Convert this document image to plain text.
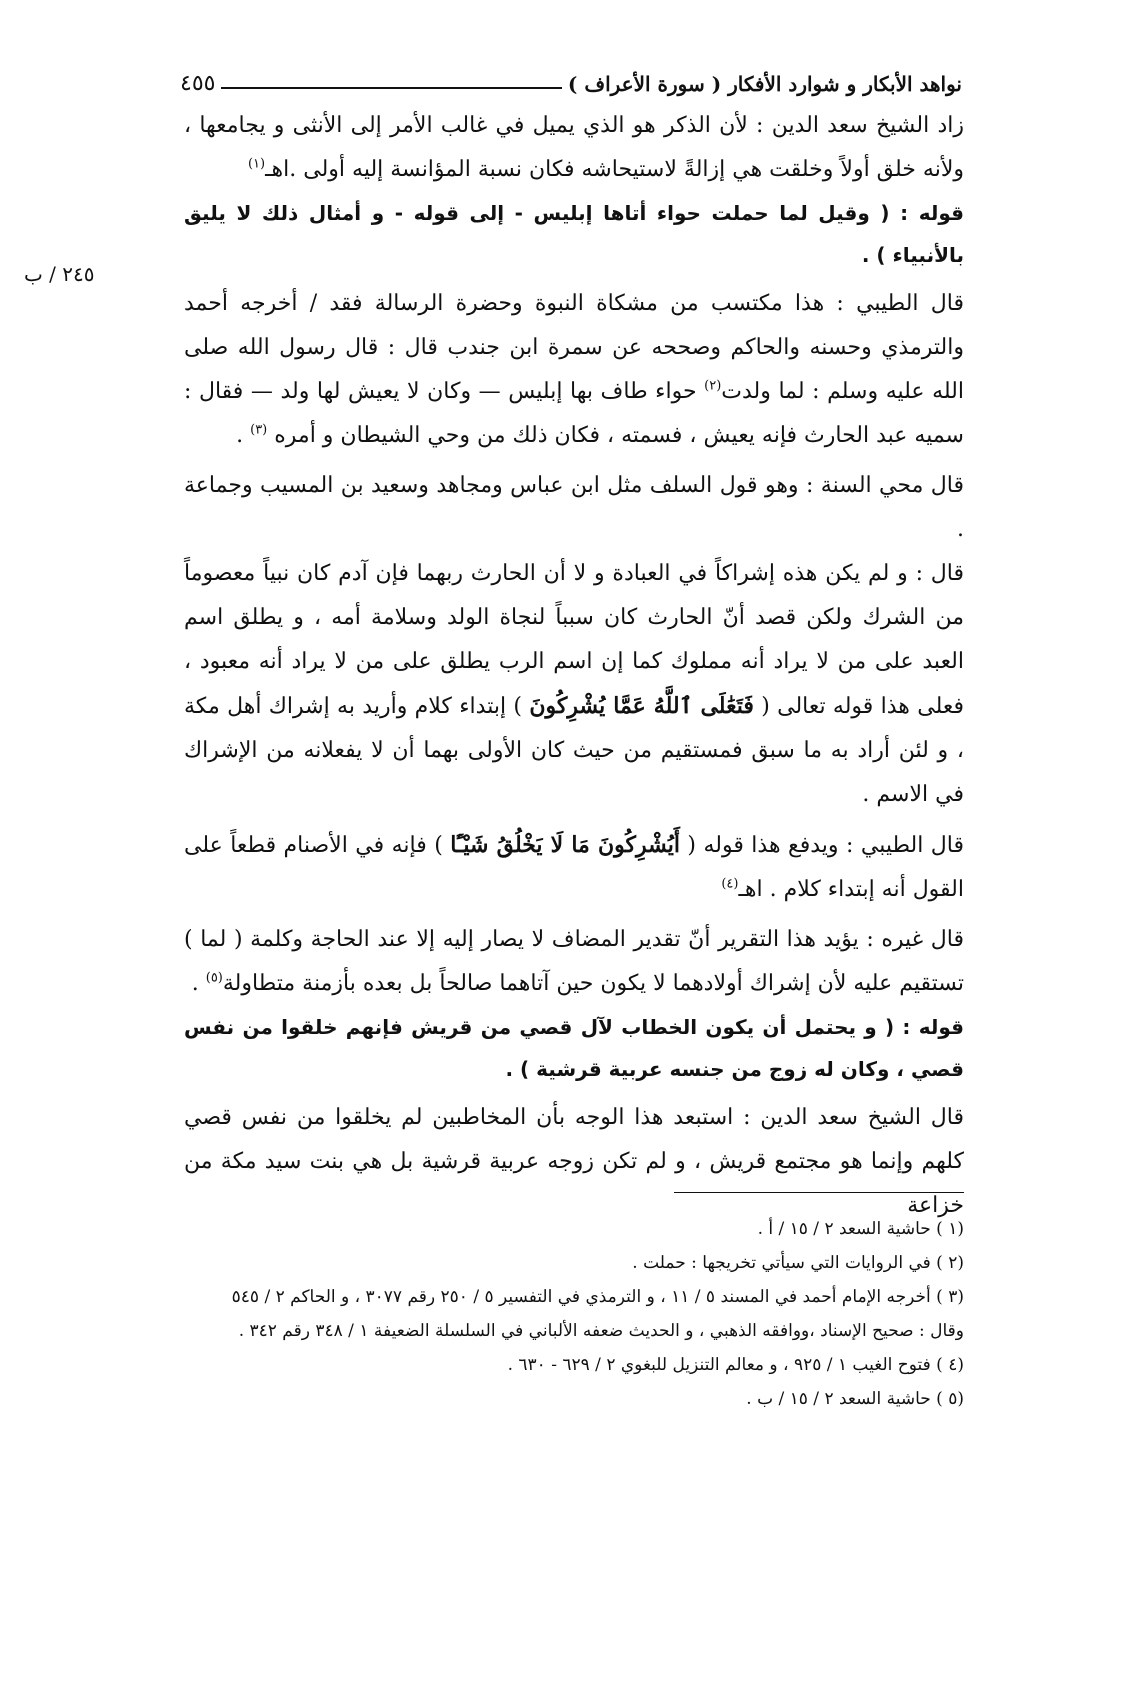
نواهد الأبكار و شوارد الأفكار ( سورة الأعراف )
٤٥٥
٢٤٥ / ب

زاد الشيخ سعد الدين : لأن الذكر هو الذي يميل في غالب الأمر إلى الأنثى و يجامعها ، ولأنه خلق أولاً وخلقت هي إزالةً لاستيحاشه فكان نسبة المؤانسة إليه أولى .اهـ$^{(١)}$

قوله : ( وقيل لما حملت حواء أتاها إبليس - إلى قوله - و أمثال ذلك لا يليق بالأنبياء ) .

قال الطيبي : هذا مكتسب من مشكاة النبوة وحضرة الرسالة فقد / أخرجه أحمد والترمذي وحسنه والحاكم وصححه عن سمرة ابن جندب قال : قال رسول الله صلى الله عليه وسلم : لما ولدت$^{(٢)}$ حواء طاف بها إبليس — وكان لا يعيش لها ولد — فقال : سميه عبد الحارث فإنه يعيش ، فسمته ، فكان ذلك من وحي الشيطان و أمره $^{(٣)}$ .

قال محي السنة : وهو قول السلف مثل ابن عباس ومجاهد وسعيد بن المسيب وجماعة .

قال : و لم يكن هذه إشراكاً في العبادة و لا أن الحارث ربهما فإن آدم كان نبياً معصوماً من الشرك ولكن قصد أنّ الحارث كان سبباً لنجاة الولد وسلامة أمه ، و يطلق اسم العبد على من لا يراد أنه مملوك كما إن اسم الرب يطلق على من لا يراد أنه معبود ، فعلى هذا قوله تعالى ( فَتَعَٰلَى ٱللَّهُ عَمَّا يُشْرِكُونَ ) إبتداء كلام وأريد به إشراك أهل مكة ، و لئن أراد به ما سبق فمستقيم من حيث كان الأولى بهما أن لا يفعلانه من الإشراك في الاسم .

قال الطيبي : ويدفع هذا قوله ( أَيُشْرِكُونَ مَا لَا يَخْلُقُ شَيْـًٔا ) فإنه في الأصنام قطعاً على القول أنه إبتداء كلام . اهـ$^{(٤)}$

قال غيره : يؤيد هذا التقرير أنّ تقدير المضاف لا يصار إليه إلا عند الحاجة وكلمة ( لما ) تستقيم عليه لأن إشراك أولادهما لا يكون حين آتاهما صالحاً بل بعده بأزمنة متطاولة$^{(٥)}$ .

قوله : ( و يحتمل أن يكون الخطاب لآل قصي من قريش فإنهم خلقوا من نفس قصي ، وكان له زوج من جنسه عربية قرشية ) .

قال الشيخ سعد الدين : استبعد هذا الوجه بأن المخاطبين لم يخلقوا من نفس قصي كلهم وإنما هو مجتمع قريش ، و لم تكن زوجه عربية قرشية بل هي بنت سيد مكة من خزاعة

(١ ) حاشية السعد ٢ / ١٥ / أ .

(٢ ) في الروايات التي سيأتي تخريجها : حملت .

(٣ ) أخرجه الإمام أحمد في المسند ٥ / ١١ ، و الترمذي في التفسير ٥ / ٢٥٠ رقم ٣٠٧٧ ، و الحاكم ٢ / ٥٤٥

وقال : صحيح الإسناد ،ووافقه الذهبي ، و الحديث ضعفه الألباني في السلسلة الضعيفة ١ / ٣٤٨ رقم ٣٤٢ .

(٤ ) فتوح الغيب ١ / ٩٢٥ ، و معالم التنزيل للبغوي ٢ / ٦٢٩ - ٦٣٠ .

(٥ ) حاشية السعد ٢ / ١٥ / ب .
